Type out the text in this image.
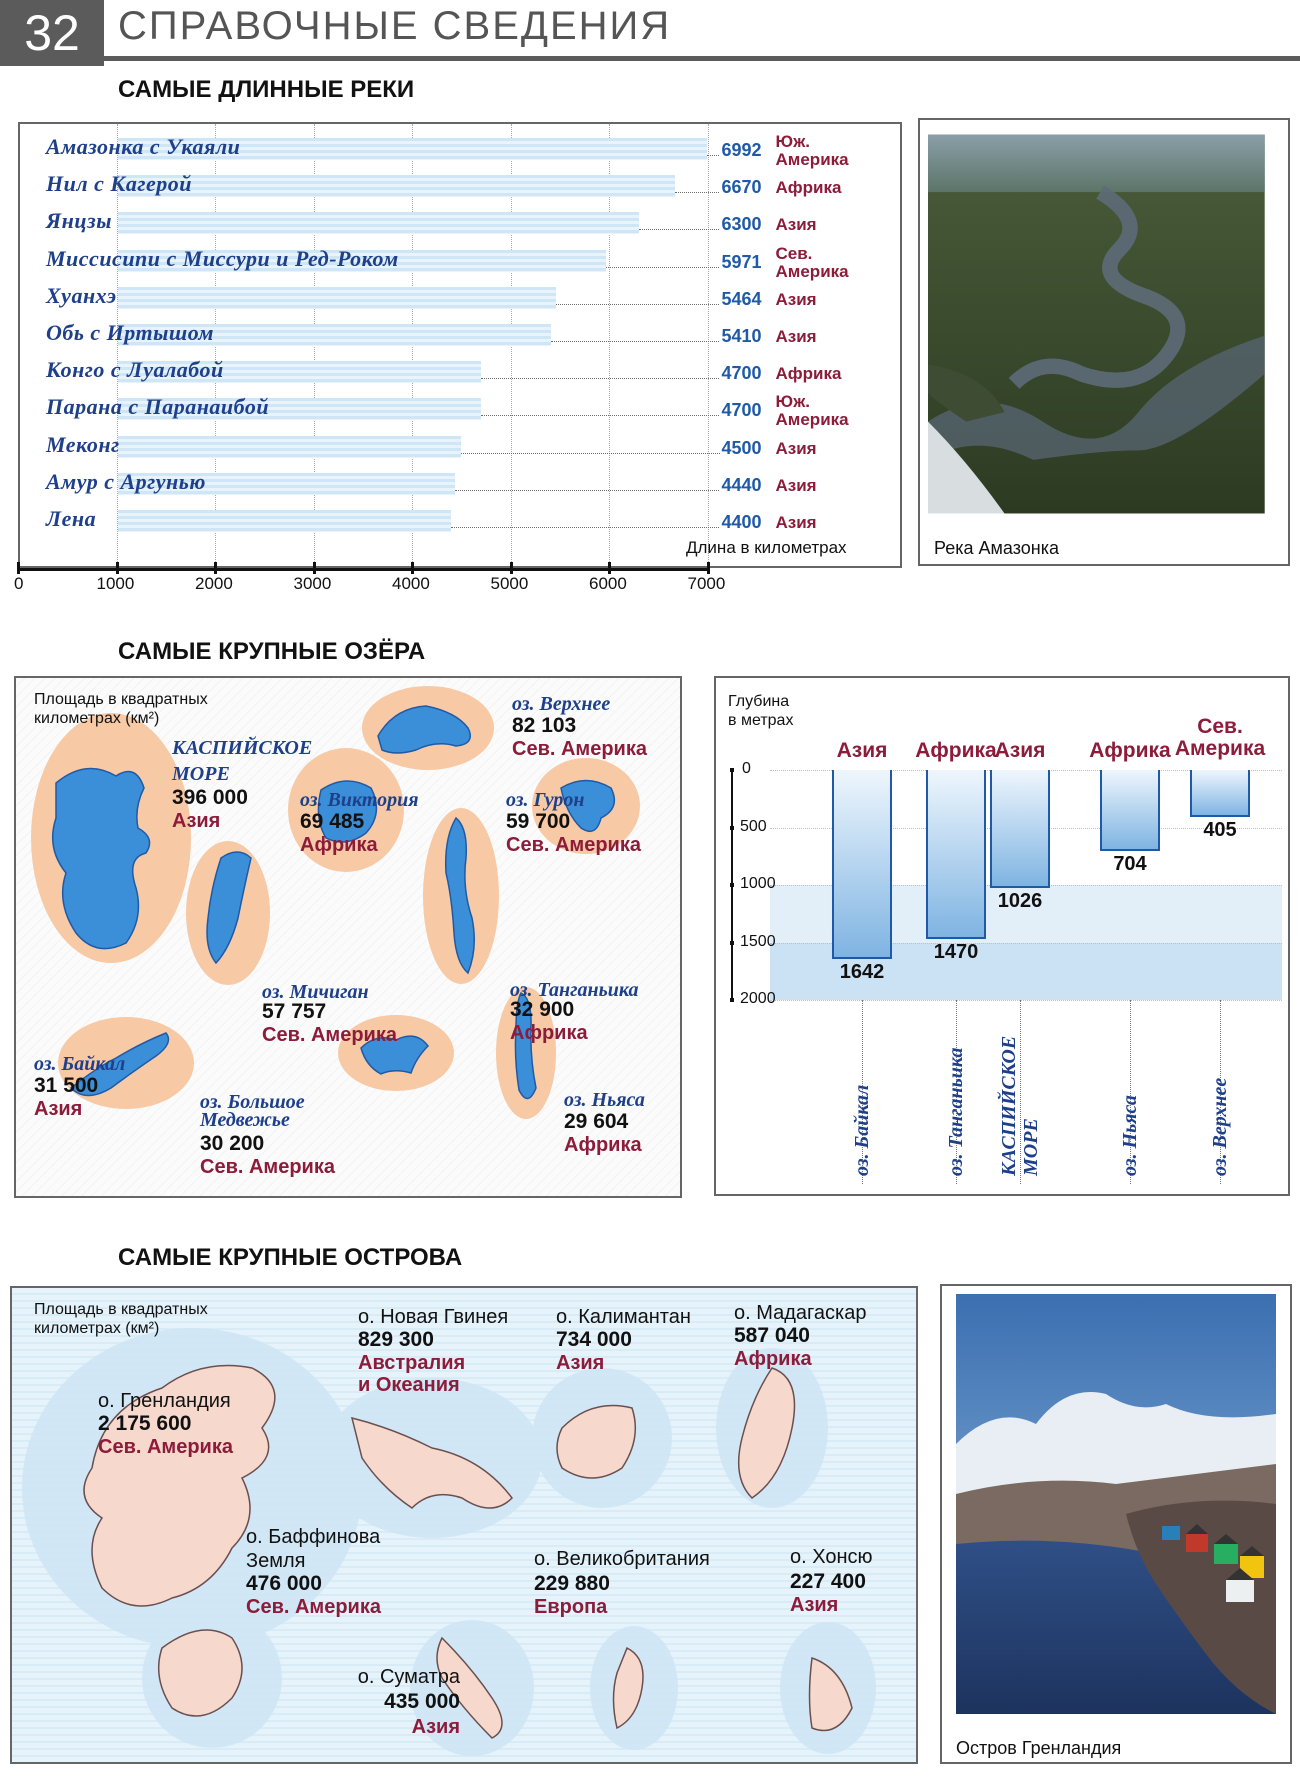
32 СПРАВОЧНЫЕ СВЕДЕНИЯ
САМЫЕ ДЛИННЫЕ РЕКИ
0	1000	2000	3000	4000	5000	6000	7000
Амазонка с Укаяли	6992 Юж.
Америка
Нил с Кагерой	6670 Африка
Янцзы	6300 Азия
Миссисипи с Миссури и Ред-Роком	5971 Сев.
Америка
Хуанхэ	5464 Азия
Обь с Иртышом	5410 Азия
Конго с Луалабой	4700 Африка
Парана с Паранаибой	4700 Юж.
Америка
Меконг	4500 Азия
Амур с Аргунью	4440 Азия
Лена	4400 Азия
Длина в километрах	Река Амазонка
САМЫЕ КРУПНЫЕ ОЗЁРА
Площадь в квадратных
километрах (км²)
оз. Верхнее
82 103
Сев. Америка
КАСПИЙСКОЕ
МОРЕ
396 000
Азия
оз. Виктория
69 485
Африка
оз. Гурон
59 700
Сев. Америка
оз. Мичиган
57 757
Сев. Америка
оз. Танганьика
32 900
Африка
оз. Байкал
31 500
Азия	оз. Большое
Медвежье
30 200
Сев. Америка
оз. Ньяса
29 604
Африка
Глубина
в метрах
0
500
1000
1500
2000
1642
Азия
оз. Байкал
1470
Африка
оз. Танганьика
1026
Азия
КАСПИЙСКОЕ МОРЕ
704
Африка
оз. Ньяса
405
Сев.
Америка
оз. Верхнее
САМЫЕ КРУПНЫЕ ОСТРОВА
Площадь в квадратных
километрах (км²)
о. Гренландия
2 175 600
Сев. Америка
о. Новая Гвинея
829 300
Австралия
и Океания
о. Калимантан
734 000
Азия
о. Мадагаскар
587 040
Африка
о. Баффинова
Земля
476 000
Сев. Америка
о. Великобритания
229 880
Европа
о. Хонсю
227 400
Азия
о. Суматра
435 000
Азия
Остров Гренландия
